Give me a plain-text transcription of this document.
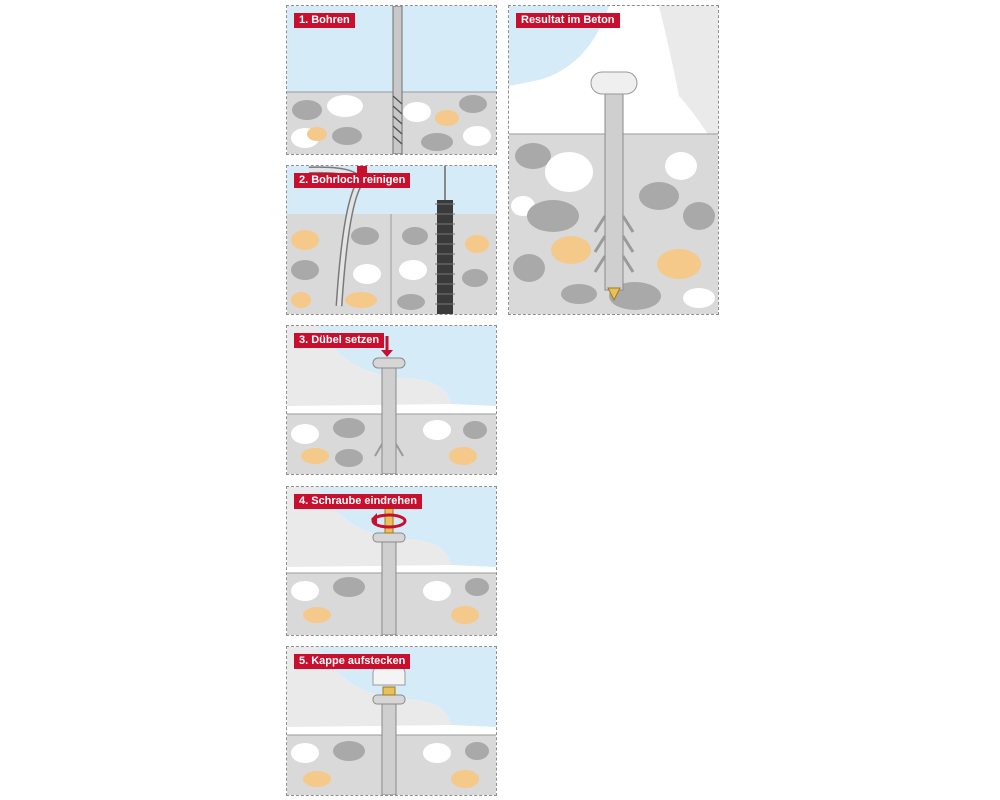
1. Bohren
2. Bohrloch reinigen
3. Dübel setzen
4. Schraube eindrehen
5. Kappe aufstecken
Resultat im Beton
